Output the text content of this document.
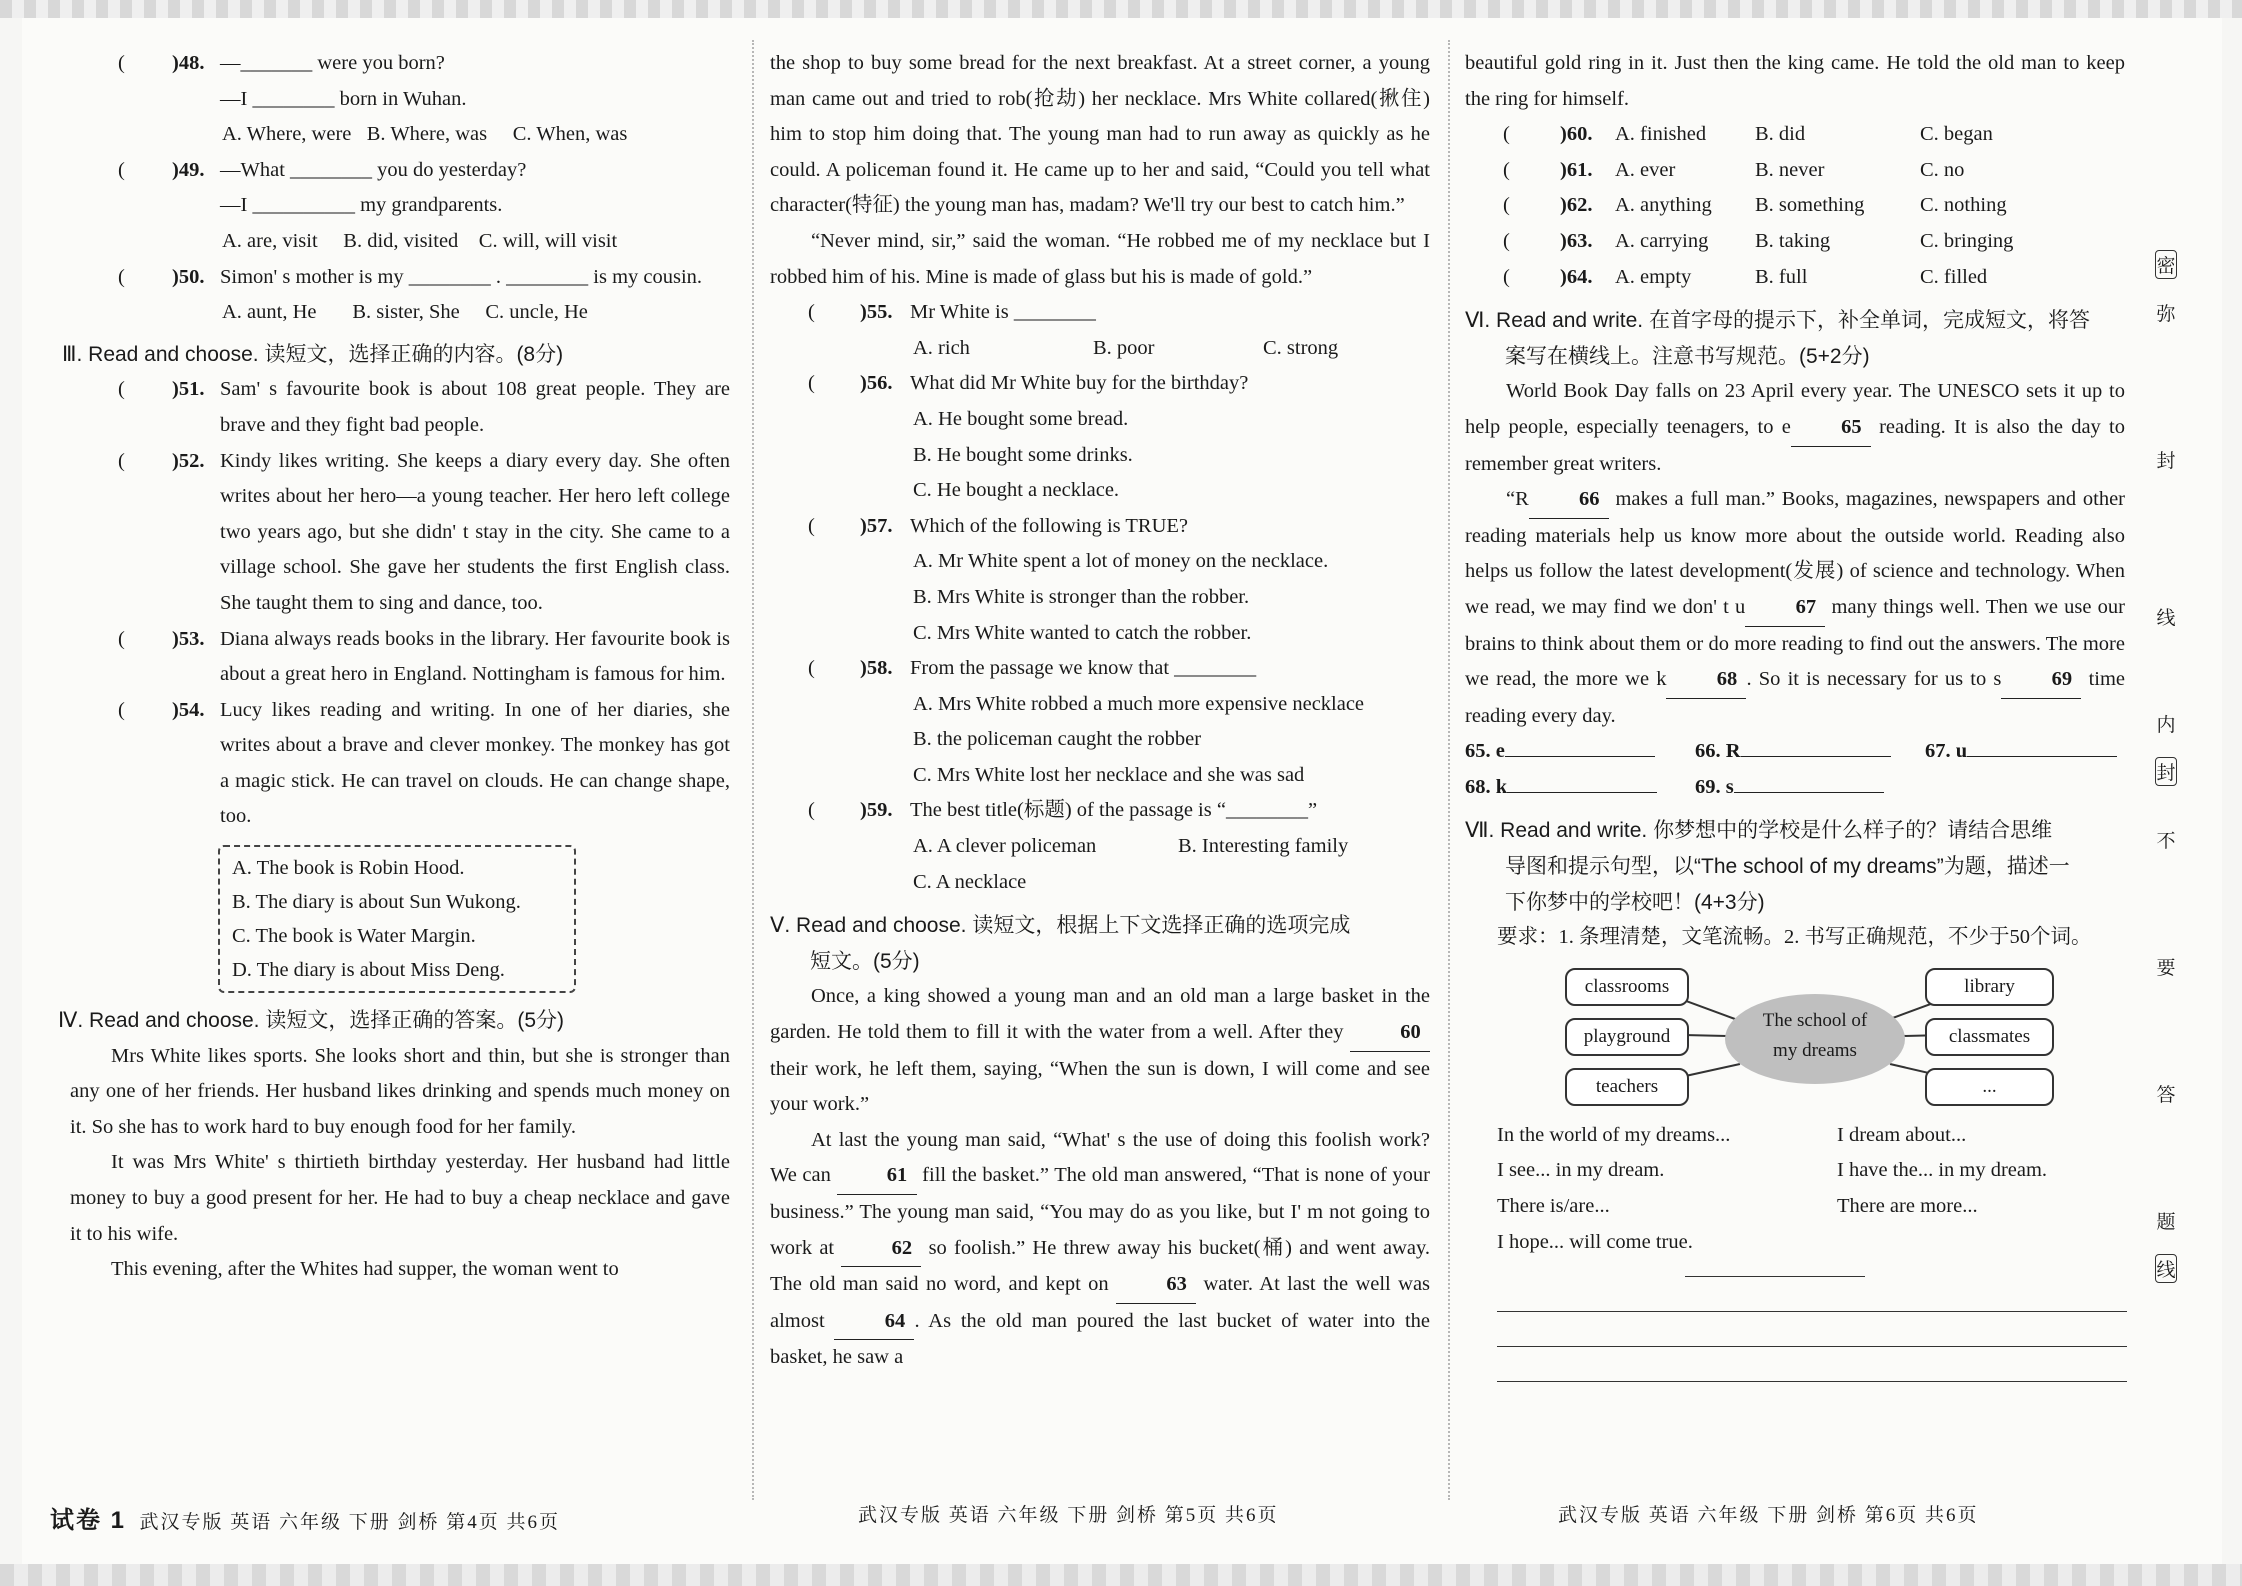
( )48. —_______ were you born?
—I ________ born in Wuhan.
A. Where, were   B. Where, was     C. When, was
( )49. —What ________ you do yesterday?
—I __________ my grandparents.
A. are, visit     B. did, visited    C. will, will visit
( )50. Simon' s mother is my ________ . ________ is my cousin.
A. aunt, He       B. sister, She     C. uncle, He
Ⅲ. Read and choose. 读短文，选择正确的内容。(8分)
( )51. Sam' s favourite book is about 108 great people. They are brave and they fight bad people.
( )52. Kindy likes writing. She keeps a diary every day. She often writes about her hero—a young teacher. Her hero left college two years ago, but she didn' t stay in the city. She came to a village school. She gave her students the first English class. She taught them to sing and dance, too.
( )53. Diana always reads books in the library. Her favourite book is about a great hero in England. Nottingham is famous for him.
( )54. Lucy likes reading and writing. In one of her diaries, she writes about a brave and clever monkey. The monkey has got a magic stick. He can travel on clouds. He can change shape, too.
A. The book is Robin Hood.
B. The diary is about Sun Wukong.
C. The book is Water Margin.
D. The diary is about Miss Deng.
Ⅳ. Read and choose. 读短文，选择正确的答案。(5分)
Mrs White likes sports. She looks short and thin, but she is stronger than any one of her friends. Her husband likes drinking and spends much money on it. So she has to work hard to buy enough food for her family.
It was Mrs White' s thirtieth birthday yesterday. Her husband had little money to buy a good present for her. He had to buy a cheap necklace and gave it to his wife.
This evening, after the Whites had supper, the woman went to
the shop to buy some bread for the next breakfast. At a street corner, a young man came out and tried to rob(抢劫) her necklace. Mrs White collared(揪住) him to stop him doing that. The young man had to run away as quickly as he could. A policeman found it. He came up to her and said, “Could you tell what character(特征) the young man has, madam? We'll try our best to catch him.”
“Never mind, sir,” said the woman. “He robbed me of my necklace but I robbed him of his. Mine is made of glass but his is made of gold.”
( )55. Mr White is ________
A. rich	B. poor	C. strong
( )56. What did Mr White buy for the birthday?
A. He bought some bread.
B. He bought some drinks.
C. He bought a necklace.
( )57. Which of the following is TRUE?
A. Mr White spent a lot of money on the necklace.
B. Mrs White is stronger than the robber.
C. Mrs White wanted to catch the robber.
( )58. From the passage we know that ________
A. Mrs White robbed a much more expensive necklace
B. the policeman caught the robber
C. Mrs White lost her necklace and she was sad
( )59. The best title(标题) of the passage is “________”
A. A clever policeman	B. Interesting family
C. A necklace
Ⅴ. Read and choose. 读短文，根据上下文选择正确的选项完成
短文。(5分)
Once, a king showed a young man and an old man a large basket in the garden. He told them to fill it with the water from a well. After they	60 their work, he left them, saying, “When the sun is down, I will come and see your work.”
At last the young man said, “What' s the use of doing this foolish work? We can	61 fill the basket.” The old man answered, “That is none of your business.” The young man said, “You may do as you like, but I' m not going to work at	62 so foolish.” He threw away his bucket(桶) and went away. The old man said no word, and kept on	63 water. At last the well was almost	64 . As the old man poured the last bucket of water into the basket, he saw a
beautiful gold ring in it. Just then the king came. He told the old man to keep the ring for himself.
( )60.	A. finished	B. did	C. began
( )61.	A. ever	B. never	C. no
( )62.	A. anything	B. something	C. nothing
( )63.	A. carrying	B. taking	C. bringing
( )64.	A. empty	B. full	C. filled
Ⅵ. Read and write. 在首字母的提示下，补全单词，完成短文，将答
案写在横线上。注意书写规范。(5+2分)
World Book Day falls on 23 April every year. The UNESCO sets it up to help people, especially teenagers, to e 65 reading. It is also the day to remember great writers.
“R 66 makes a full man.” Books, magazines, newspapers and other reading materials help us know more about the outside world. Reading also helps us follow the latest development(发展) of science and technology. When we read, we may find we don' t u 67 many things well. Then we use our brains to think about them or do more reading to find out the answers. The more we read, the more we k 68 . So it is necessary for us to s 69 time reading every day.
65. e	66. R	67. u
68. k	69. s
Ⅶ. Read and write. 你梦想中的学校是什么样子的？请结合思维
导图和提示句型，以“The school of my dreams”为题，描述一
下你梦中的学校吧！(4+3分)
要求：1. 条理清楚，文笔流畅。2. 书写正确规范，不少于50个词。
classrooms
playground
teachers
The school of
my dreams
library
classmates
...
In the world of my dreams...	I dream about...
I see... in my dream.	I have the... in my dream.
There is/are...	There are more...
I hope... will come true.
密
弥
封
线
内
封
不
要
答
题
线
试卷 1 武汉专版 英语 六年级 下册 剑桥 第4页 共6页	武汉专版 英语 六年级 下册 剑桥 第5页 共6页	武汉专版 英语 六年级 下册 剑桥 第6页 共6页
